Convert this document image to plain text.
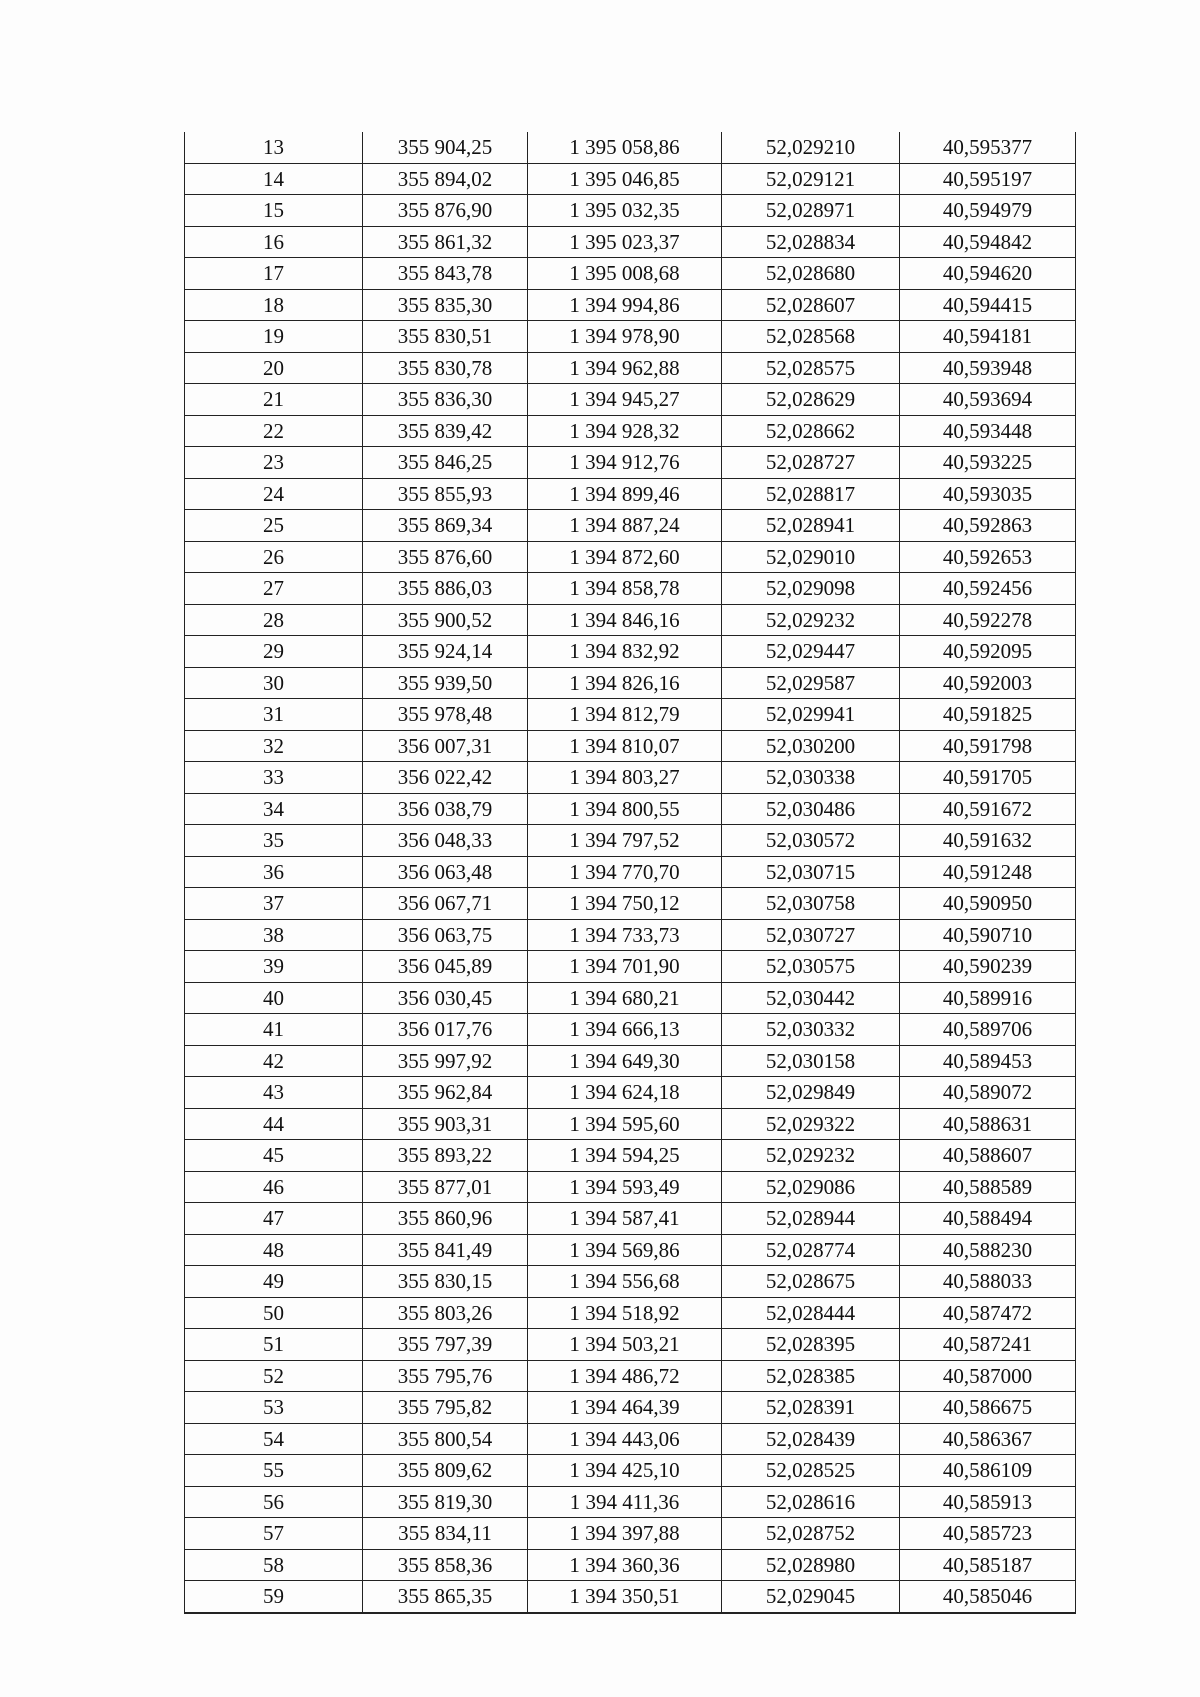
13	355 904,25	1 395 058,86	52,029210	40,595377
14	355 894,02	1 395 046,85	52,029121	40,595197
15	355 876,90	1 395 032,35	52,028971	40,594979
16	355 861,32	1 395 023,37	52,028834	40,594842
17	355 843,78	1 395 008,68	52,028680	40,594620
18	355 835,30	1 394 994,86	52,028607	40,594415
19	355 830,51	1 394 978,90	52,028568	40,594181
20	355 830,78	1 394 962,88	52,028575	40,593948
21	355 836,30	1 394 945,27	52,028629	40,593694
22	355 839,42	1 394 928,32	52,028662	40,593448
23	355 846,25	1 394 912,76	52,028727	40,593225
24	355 855,93	1 394 899,46	52,028817	40,593035
25	355 869,34	1 394 887,24	52,028941	40,592863
26	355 876,60	1 394 872,60	52,029010	40,592653
27	355 886,03	1 394 858,78	52,029098	40,592456
28	355 900,52	1 394 846,16	52,029232	40,592278
29	355 924,14	1 394 832,92	52,029447	40,592095
30	355 939,50	1 394 826,16	52,029587	40,592003
31	355 978,48	1 394 812,79	52,029941	40,591825
32	356 007,31	1 394 810,07	52,030200	40,591798
33	356 022,42	1 394 803,27	52,030338	40,591705
34	356 038,79	1 394 800,55	52,030486	40,591672
35	356 048,33	1 394 797,52	52,030572	40,591632
36	356 063,48	1 394 770,70	52,030715	40,591248
37	356 067,71	1 394 750,12	52,030758	40,590950
38	356 063,75	1 394 733,73	52,030727	40,590710
39	356 045,89	1 394 701,90	52,030575	40,590239
40	356 030,45	1 394 680,21	52,030442	40,589916
41	356 017,76	1 394 666,13	52,030332	40,589706
42	355 997,92	1 394 649,30	52,030158	40,589453
43	355 962,84	1 394 624,18	52,029849	40,589072
44	355 903,31	1 394 595,60	52,029322	40,588631
45	355 893,22	1 394 594,25	52,029232	40,588607
46	355 877,01	1 394 593,49	52,029086	40,588589
47	355 860,96	1 394 587,41	52,028944	40,588494
48	355 841,49	1 394 569,86	52,028774	40,588230
49	355 830,15	1 394 556,68	52,028675	40,588033
50	355 803,26	1 394 518,92	52,028444	40,587472
51	355 797,39	1 394 503,21	52,028395	40,587241
52	355 795,76	1 394 486,72	52,028385	40,587000
53	355 795,82	1 394 464,39	52,028391	40,586675
54	355 800,54	1 394 443,06	52,028439	40,586367
55	355 809,62	1 394 425,10	52,028525	40,586109
56	355 819,30	1 394 411,36	52,028616	40,585913
57	355 834,11	1 394 397,88	52,028752	40,585723
58	355 858,36	1 394 360,36	52,028980	40,585187
59	355 865,35	1 394 350,51	52,029045	40,585046
